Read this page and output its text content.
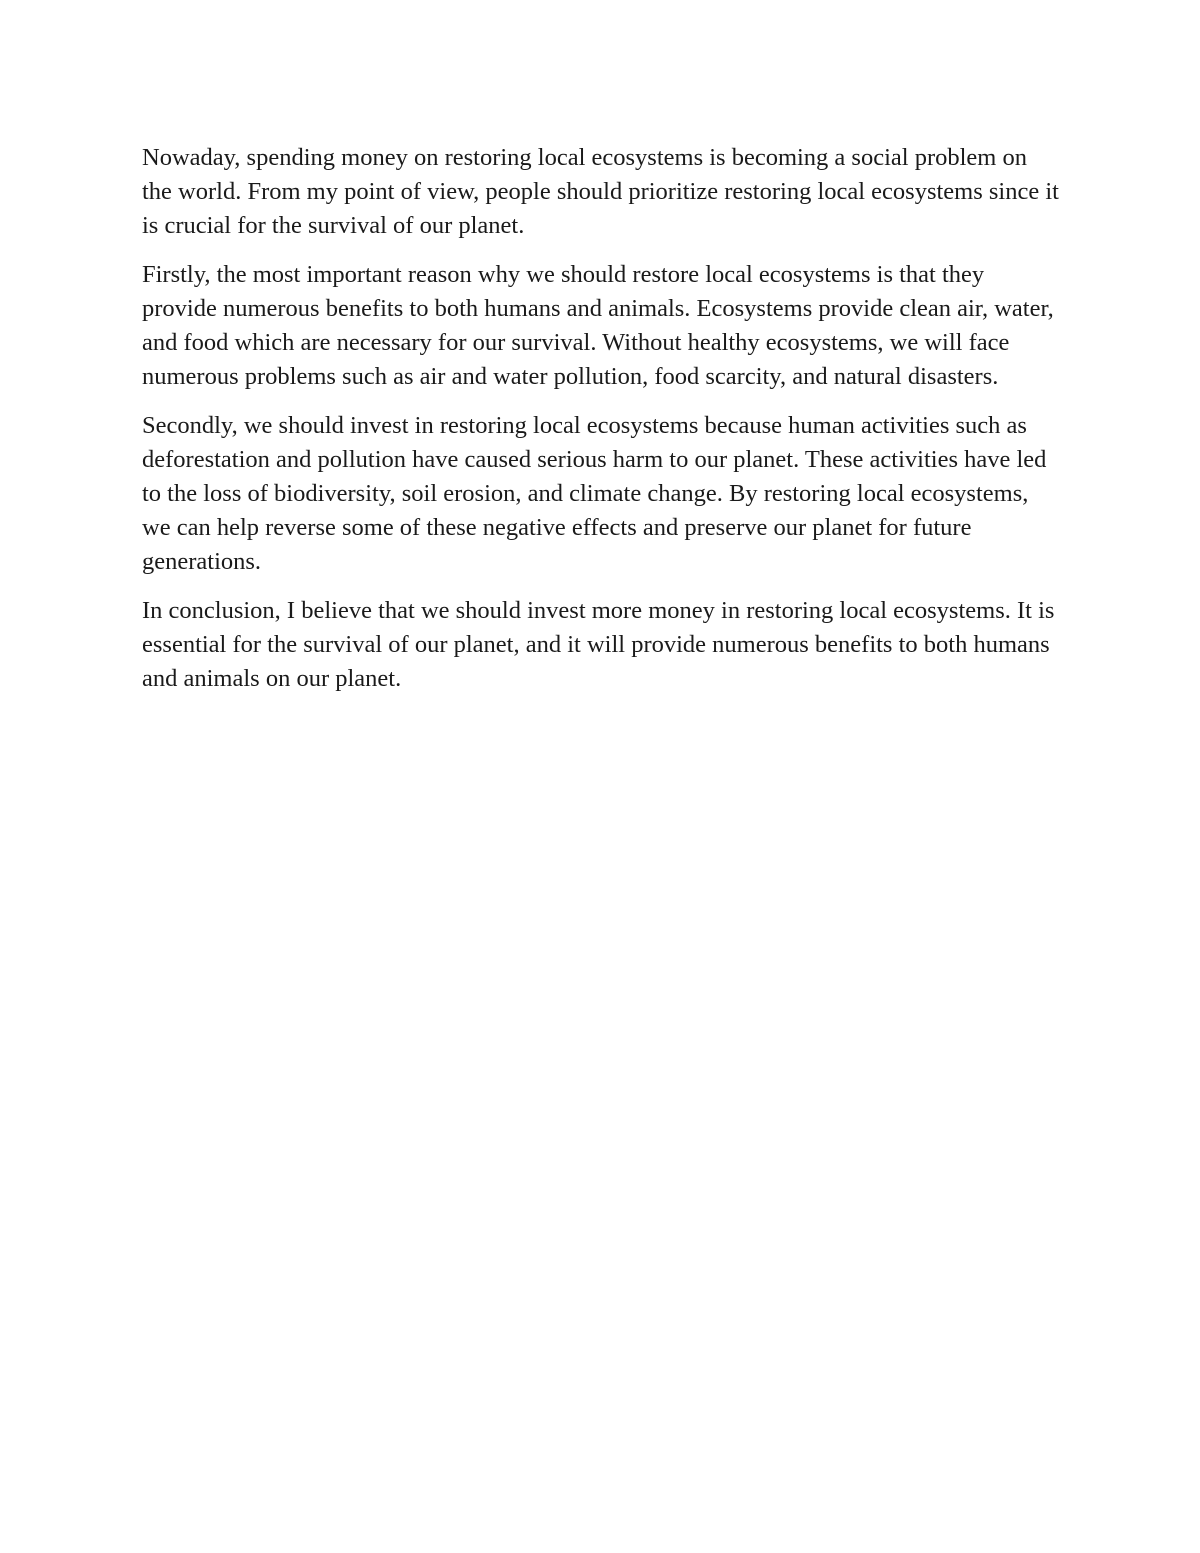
Nowaday, spending money on restoring local ecosystems is becoming a social problem on the world. From my point of view, people should prioritize restoring local ecosystems since it is crucial for the survival of our planet.

Firstly, the most important reason why we should restore local ecosystems is that they provide numerous benefits to both humans and animals. Ecosystems provide clean air, water, and food which are necessary for our survival. Without healthy ecosystems, we will face numerous problems such as air and water pollution, food scarcity, and natural disasters.

Secondly, we should invest in restoring local ecosystems because human activities such as deforestation and pollution have caused serious harm to our planet. These activities have led to the loss of biodiversity, soil erosion, and climate change. By restoring local ecosystems, we can help reverse some of these negative effects and preserve our planet for future generations.

In conclusion, I believe that we should invest more money in restoring local ecosystems. It is essential for the survival of our planet, and it will provide numerous benefits to both humans and animals on our planet.
